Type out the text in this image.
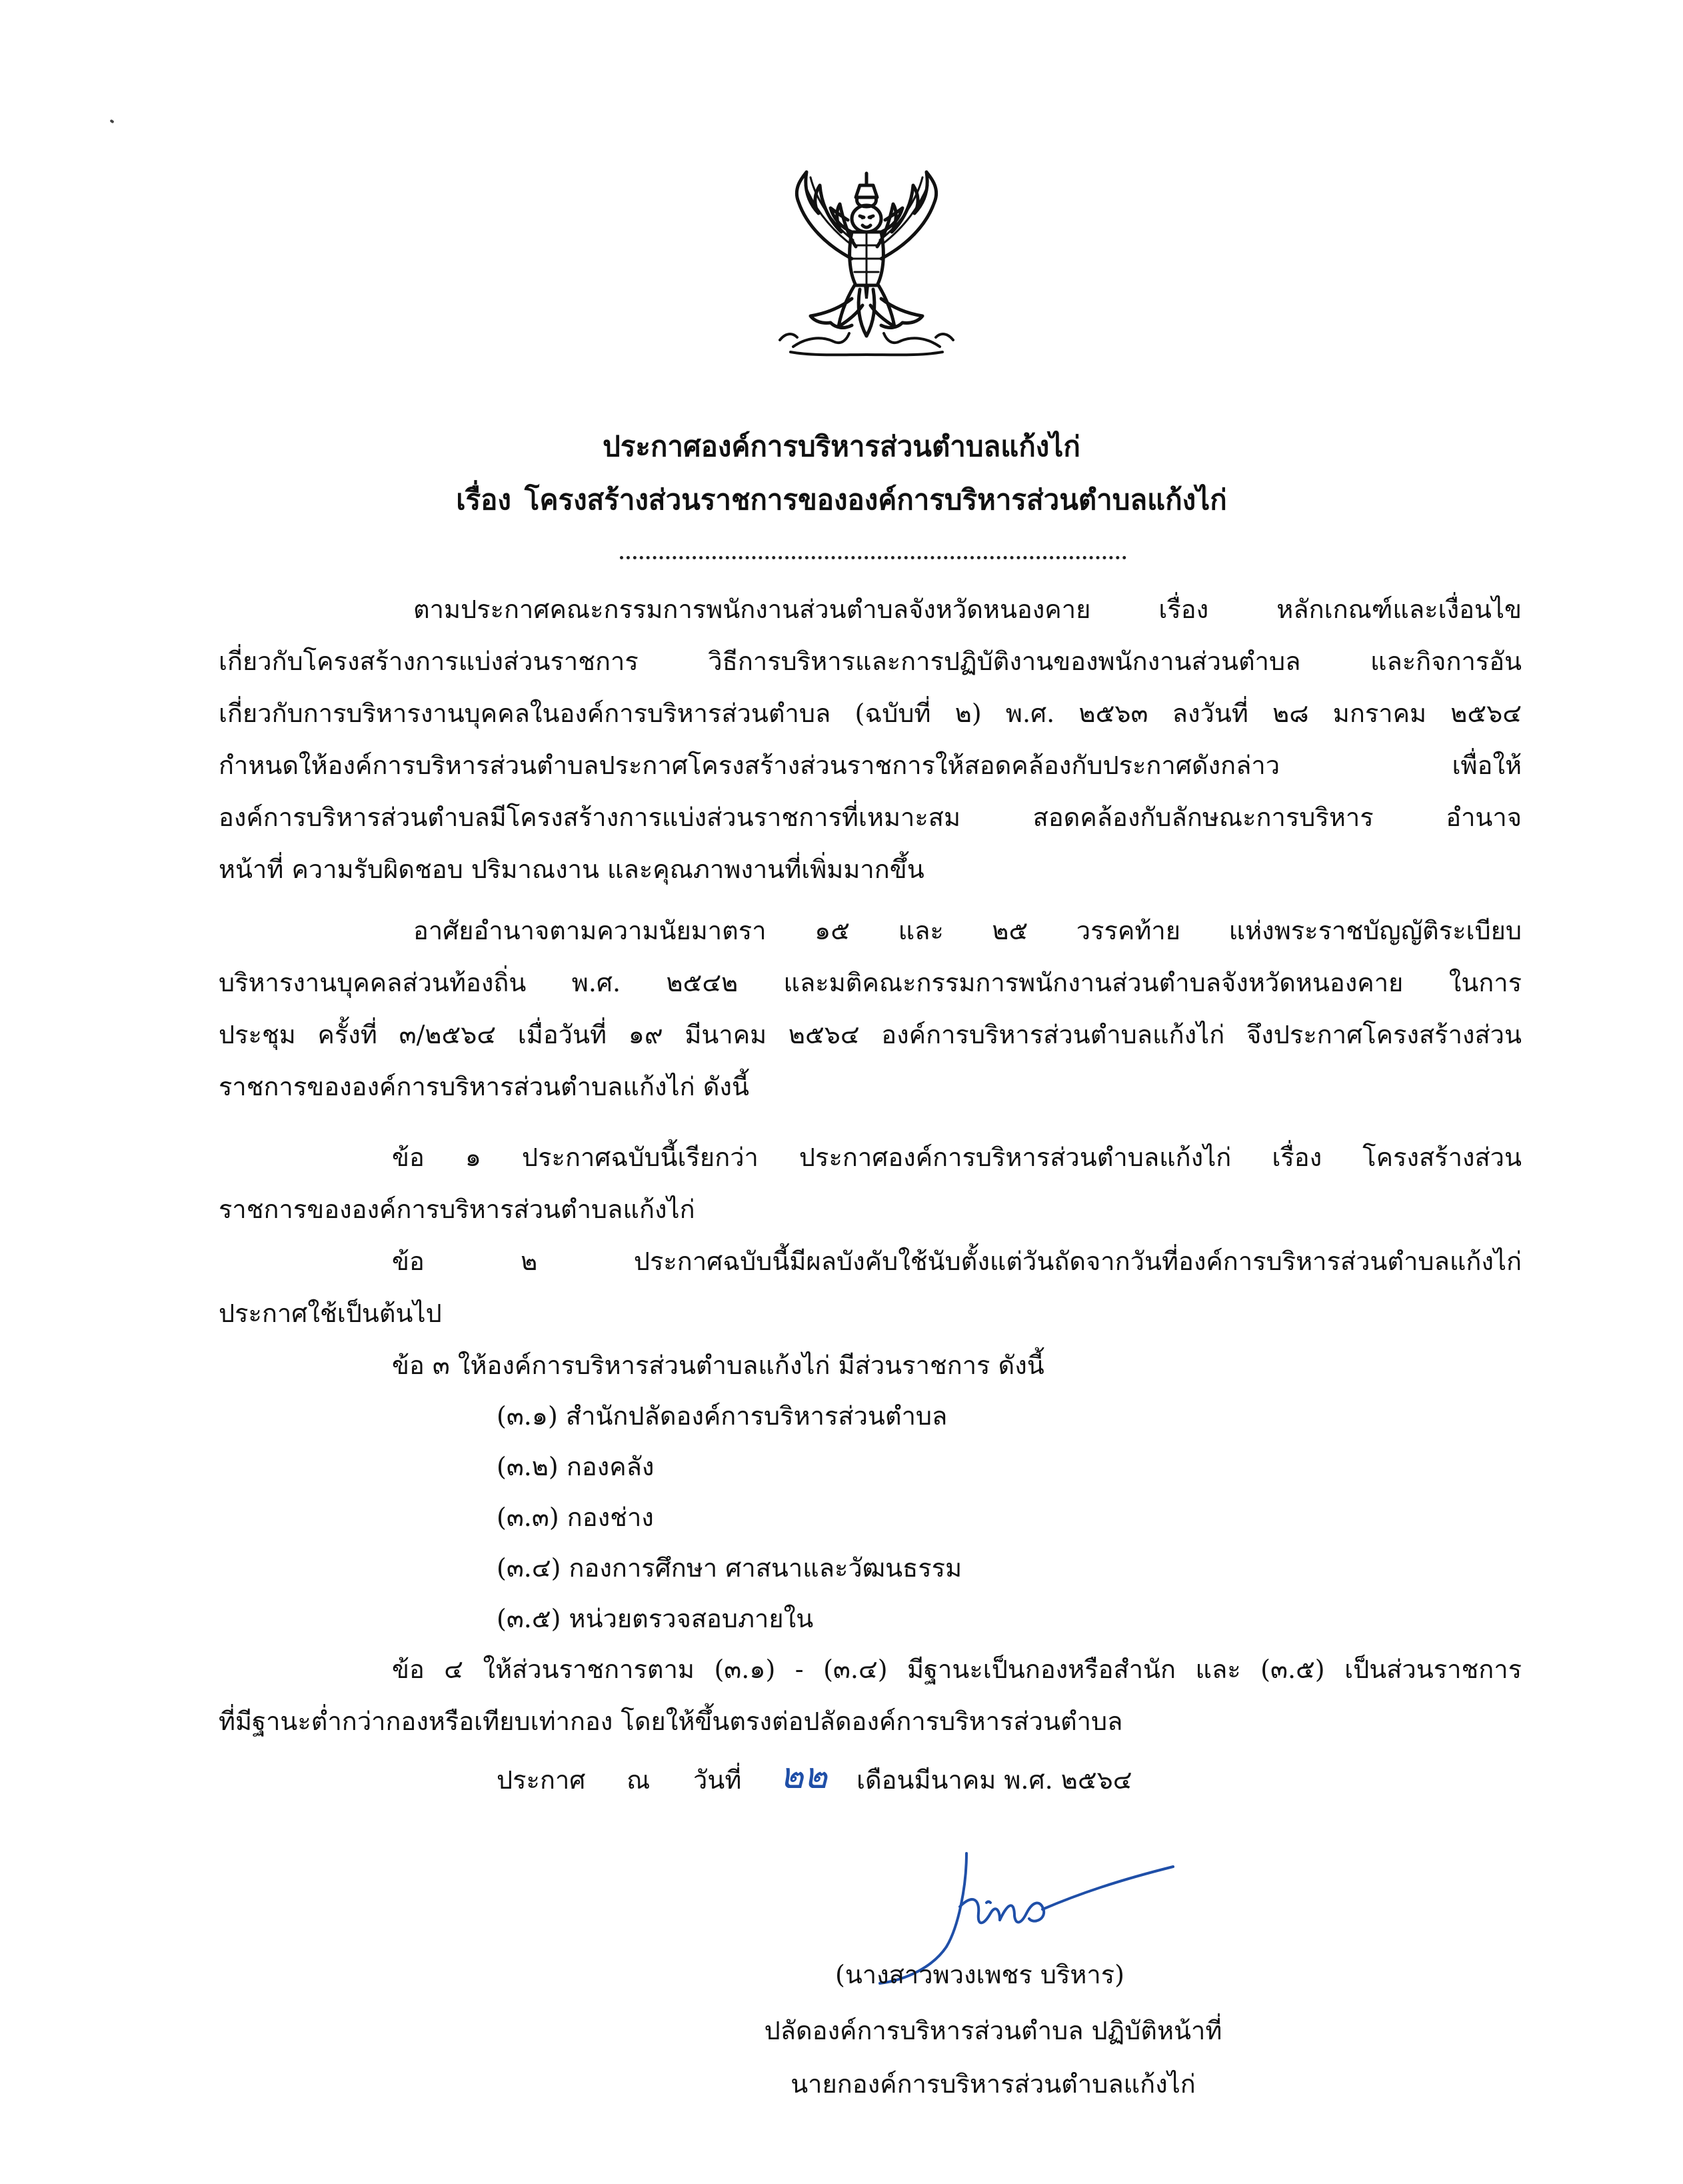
ประกาศองค์การบริหารส่วนตำบลแก้งไก่
เรื่อง โครงสร้างส่วนราชการขององค์การบริหารส่วนตำบลแก้งไก่
ตามประกาศคณะกรรมการพนักงานส่วนตำบลจังหวัดหนองคาย เรื่อง หลักเกณฑ์และเงื่อนไข
เกี่ยวกับโครงสร้างการแบ่งส่วนราชการ วิธีการบริหารและการปฏิบัติงานของพนักงานส่วนตำบล และกิจการอัน
เกี่ยวกับการบริหารงานบุคคลในองค์การบริหารส่วนตำบล (ฉบับที่ ๒) พ.ศ. ๒๕๖๓ ลงวันที่ ๒๘ มกราคม ๒๕๖๔
กำหนดให้องค์การบริหารส่วนตำบลประกาศโครงสร้างส่วนราชการให้สอดคล้องกับประกาศดังกล่าว เพื่อให้
องค์การบริหารส่วนตำบลมีโครงสร้างการแบ่งส่วนราชการที่เหมาะสม สอดคล้องกับลักษณะการบริหาร อำนาจ
หน้าที่ ความรับผิดชอบ ปริมาณงาน และคุณภาพงานที่เพิ่มมากขึ้น
อาศัยอำนาจตามความนัยมาตรา ๑๕ และ ๒๕ วรรคท้าย แห่งพระราชบัญญัติระเบียบ
บริหารงานบุคคลส่วนท้องถิ่น พ.ศ. ๒๕๔๒ และมติคณะกรรมการพนักงานส่วนตำบลจังหวัดหนองคาย ในการ
ประชุม ครั้งที่ ๓/๒๕๖๔ เมื่อวันที่ ๑๙ มีนาคม ๒๕๖๔ องค์การบริหารส่วนตำบลแก้งไก่ จึงประกาศโครงสร้างส่วน
ราชการขององค์การบริหารส่วนตำบลแก้งไก่ ดังนี้
ข้อ ๑ ประกาศฉบับนี้เรียกว่า ประกาศองค์การบริหารส่วนตำบลแก้งไก่ เรื่อง โครงสร้างส่วน
ราชการขององค์การบริหารส่วนตำบลแก้งไก่
ข้อ ๒ ประกาศฉบับนี้มีผลบังคับใช้นับตั้งแต่วันถัดจากวันที่องค์การบริหารส่วนตำบลแก้งไก่
ประกาศใช้เป็นต้นไป
ข้อ ๓ ให้องค์การบริหารส่วนตำบลแก้งไก่ มีส่วนราชการ ดังนี้
(๓.๑) สำนักปลัดองค์การบริหารส่วนตำบล
(๓.๒) กองคลัง
(๓.๓) กองช่าง
(๓.๔) กองการศึกษา ศาสนาและวัฒนธรรม
(๓.๕) หน่วยตรวจสอบภายใน
ข้อ ๔ ให้ส่วนราชการตาม (๓.๑) - (๓.๔) มีฐานะเป็นกองหรือสำนัก และ (๓.๕) เป็นส่วนราชการ
ที่มีฐานะต่ำกว่ากองหรือเทียบเท่ากอง โดยให้ขึ้นตรงต่อปลัดองค์การบริหารส่วนตำบล
ประกาศ ณ วันที่ ๒๒ เดือนมีนาคม พ.ศ. ๒๕๖๔
(นางสาวพวงเพชร บริหาร)
ปลัดองค์การบริหารส่วนตำบล ปฏิบัติหน้าที่
นายกองค์การบริหารส่วนตำบลแก้งไก่
